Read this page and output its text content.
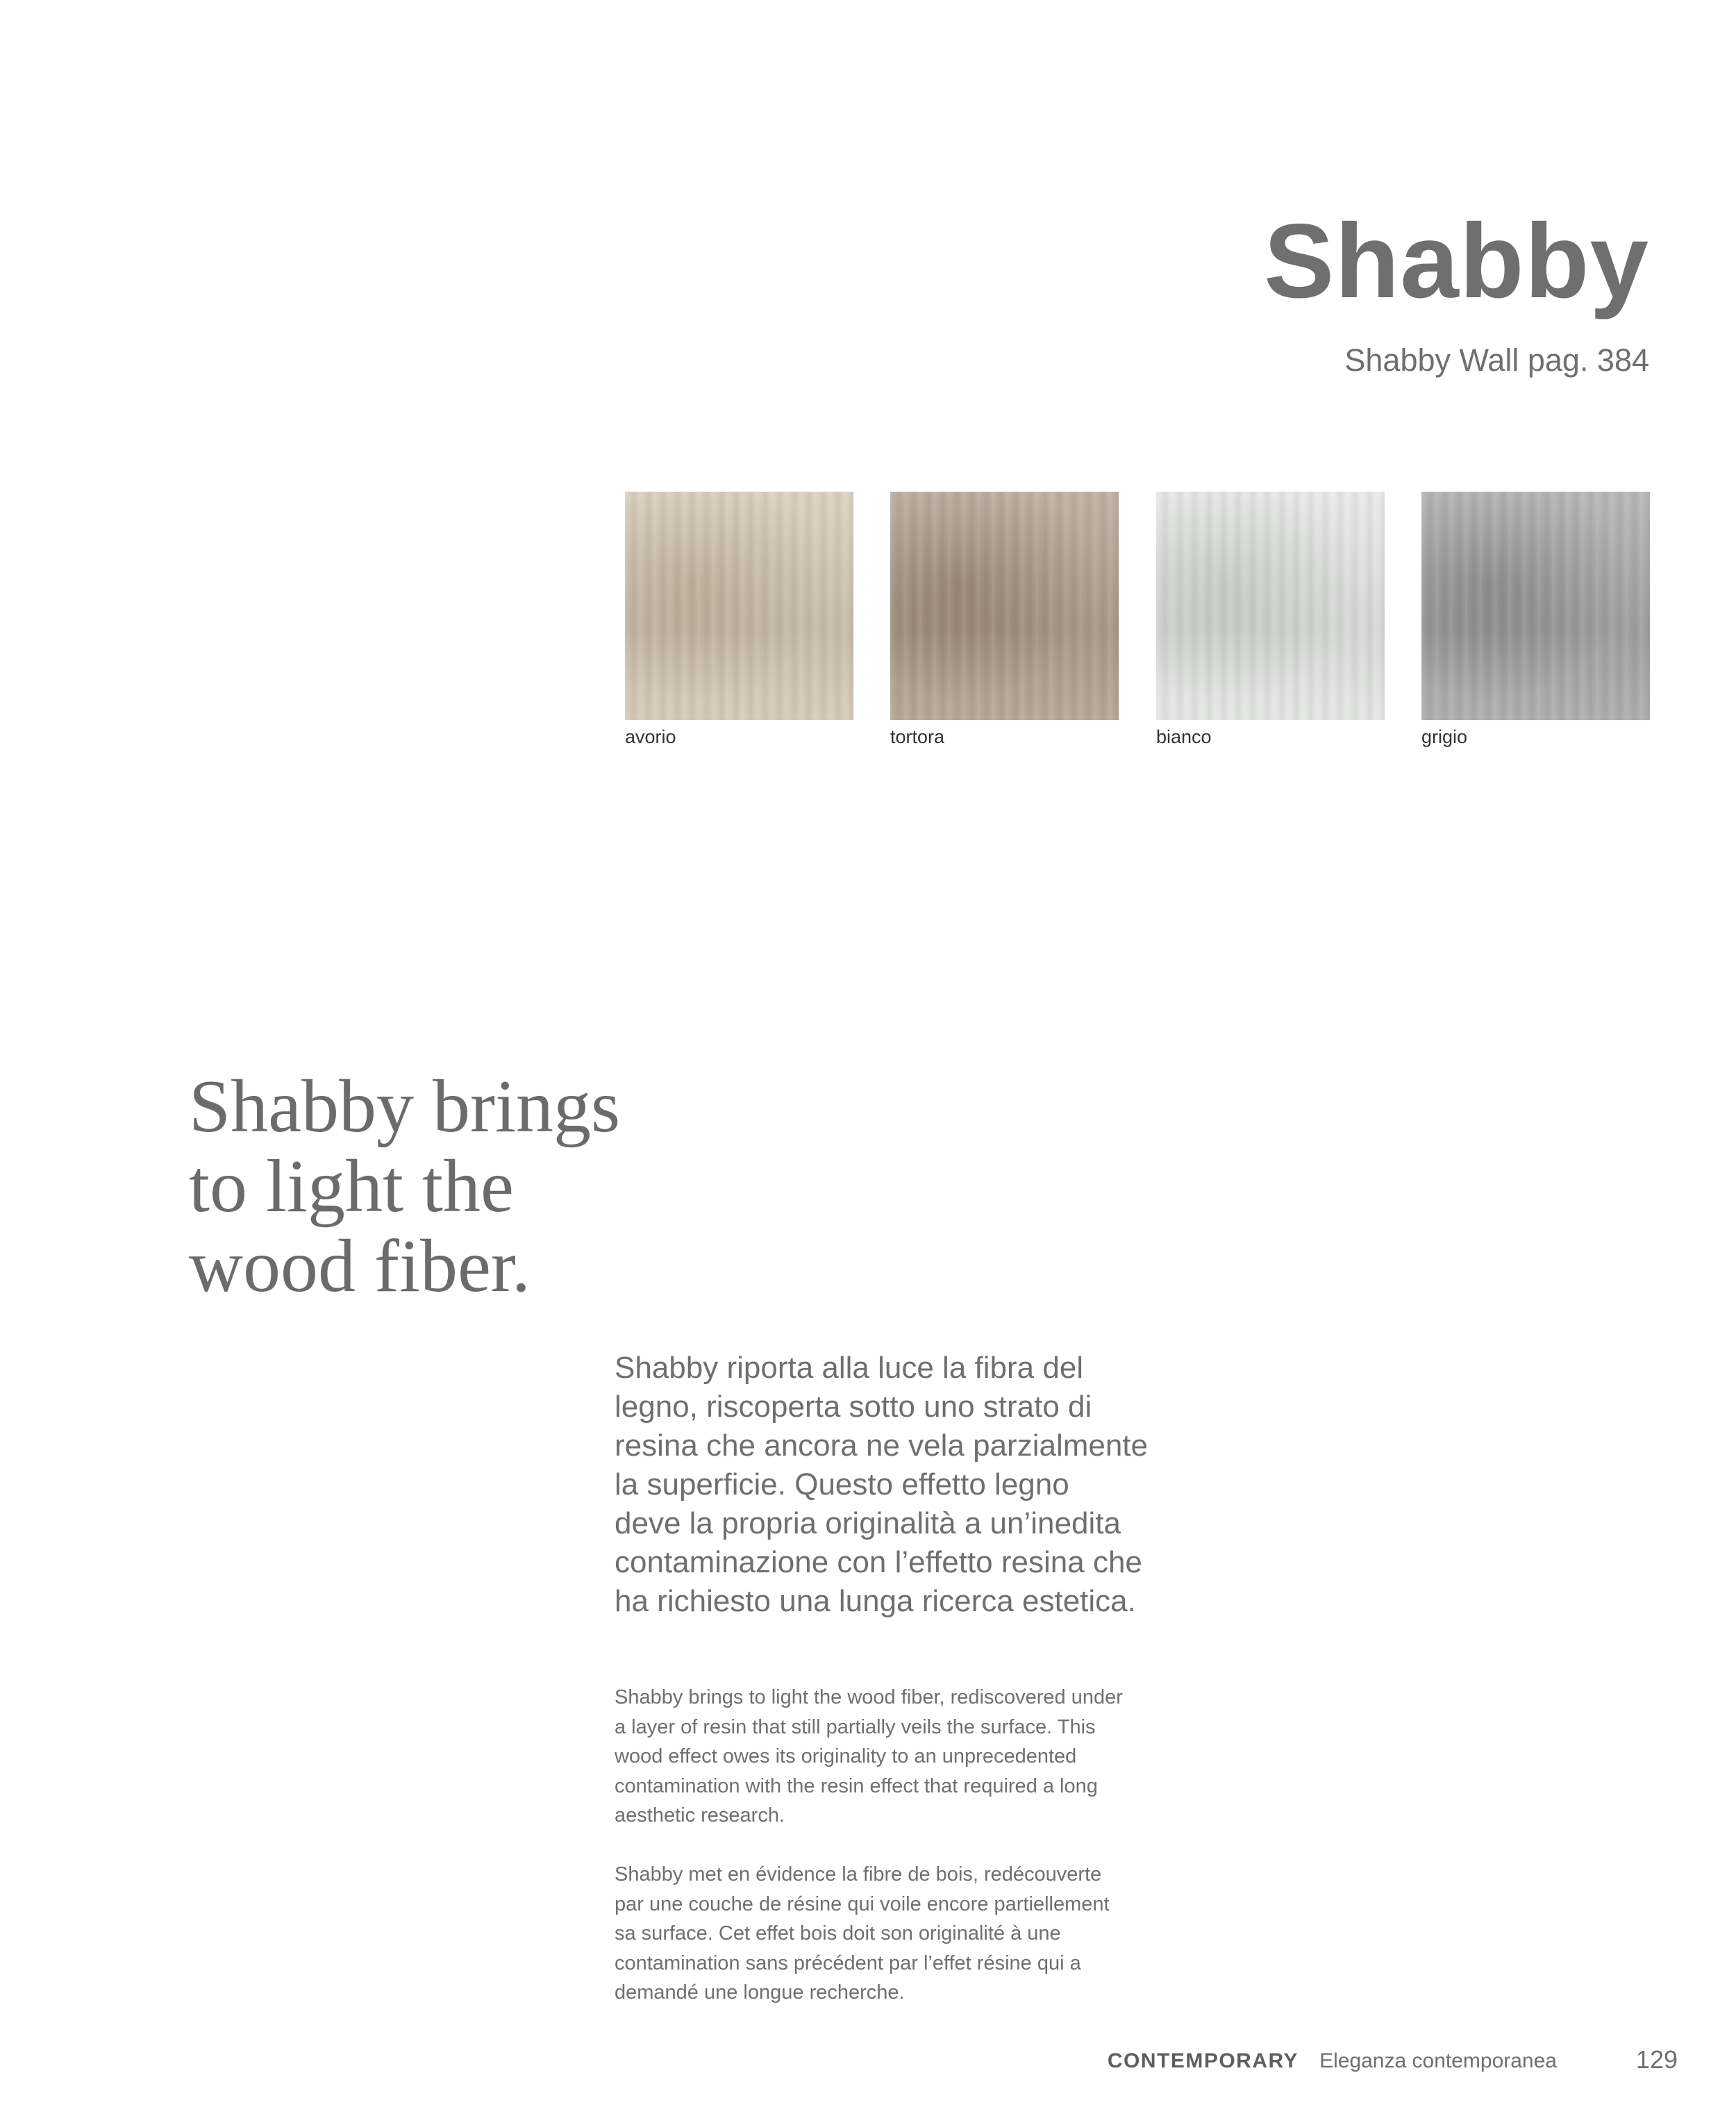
Shabby
Shabby Wall pag. 384
avorio	tortora	bianco	grigio
Shabby brings
to light the
wood fiber.
Shabby riporta alla luce la fibra del
legno, riscoperta sotto uno strato di
resina che ancora ne vela parzialmente
la superficie. Questo effetto legno
deve la propria originalità a un’inedita
contaminazione con l’effetto resina che
ha richiesto una lunga ricerca estetica.
Shabby brings to light the wood fiber, rediscovered under
a layer of resin that still partially veils the surface. This
wood effect owes its originality to an unprecedented
contamination with the resin effect that required a long
aesthetic research.
Shabby met en évidence la fibre de bois, redécouverte
par une couche de résine qui voile encore partiellement
sa surface. Cet effet bois doit son originalité à une
contamination sans précédent par l’effet résine qui a
demandé une longue recherche.
CONTEMPORARY Eleganza contemporanea	129
